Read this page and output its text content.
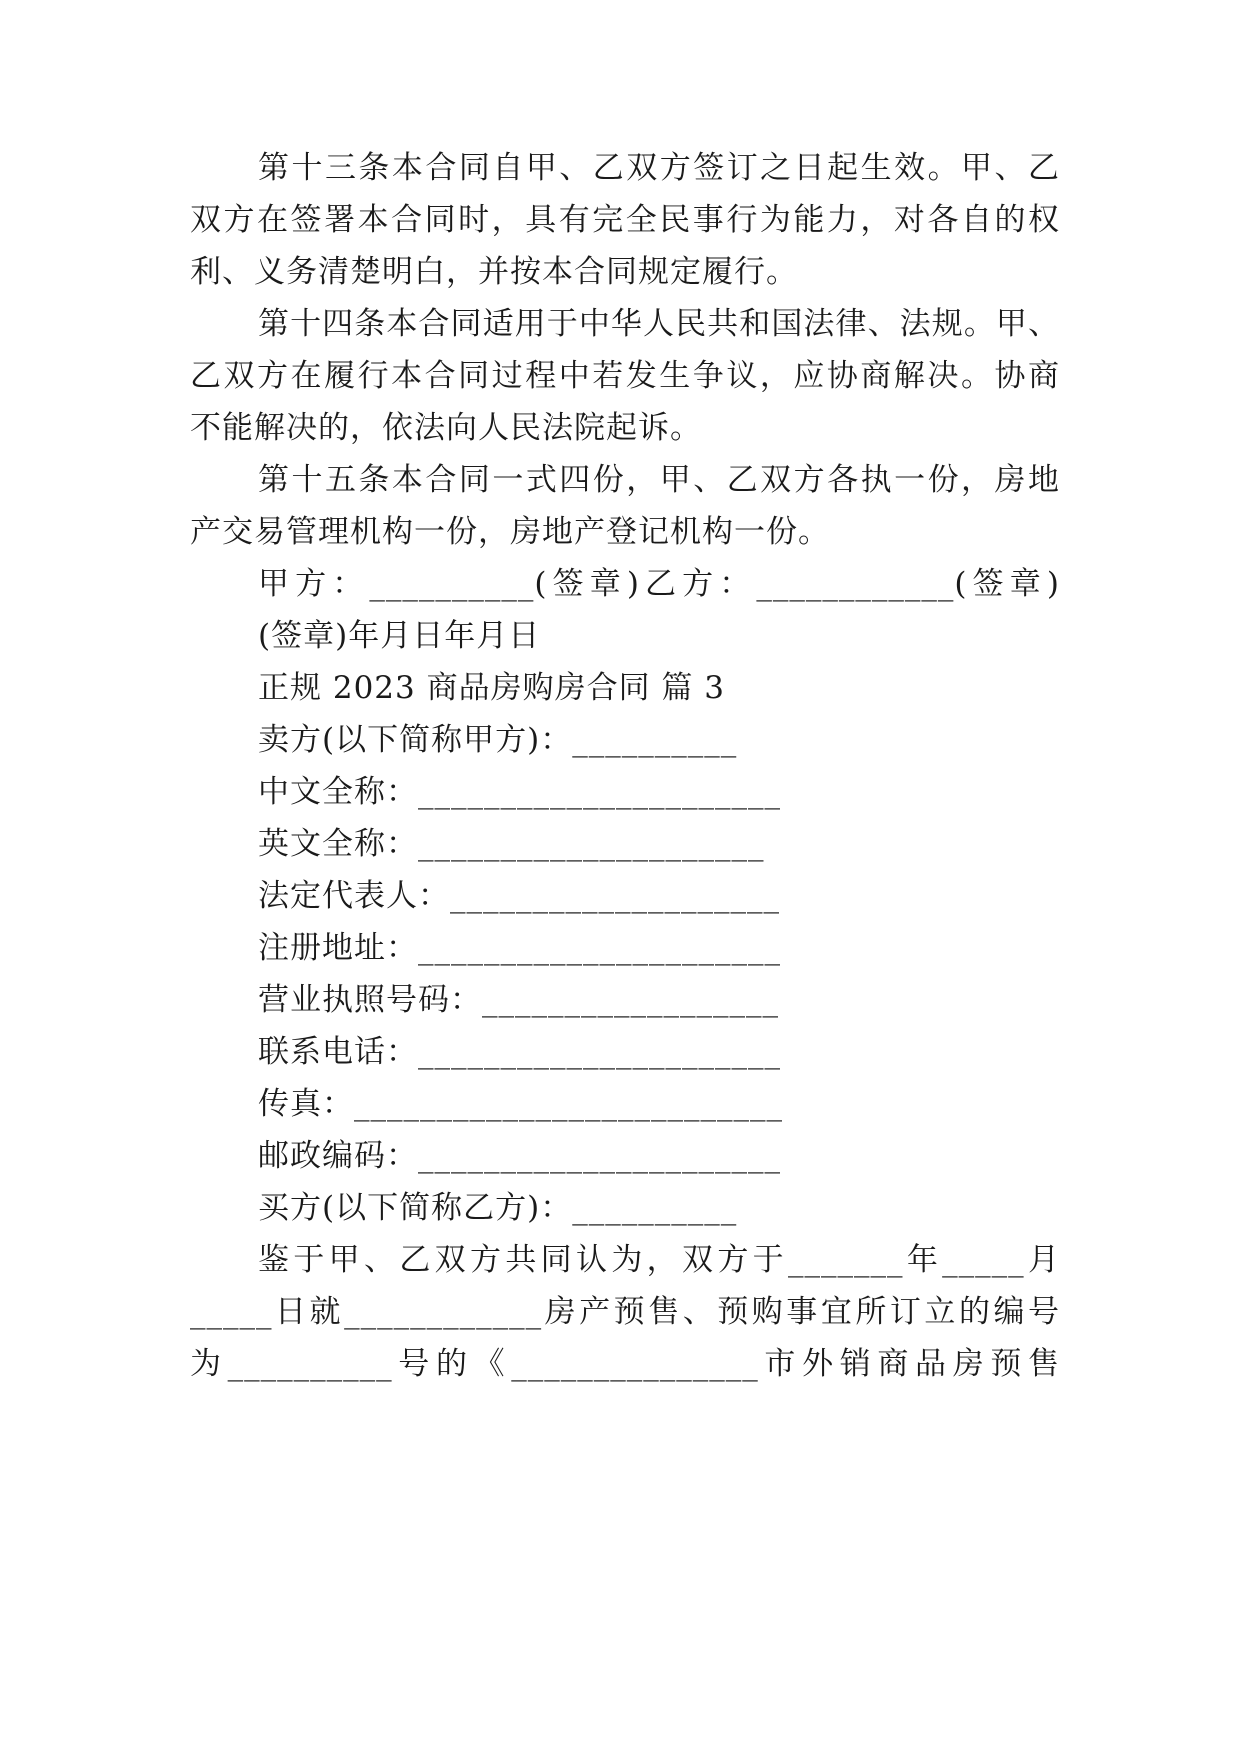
第十三条本合同自甲、乙双方签订之日起生效。甲、乙
双方在签署本合同时，具有完全民事行为能力，对各自的权
利、义务清楚明白，并按本合同规定履行。
第十四条本合同适用于中华人民共和国法律、法规。甲、
乙双方在履行本合同过程中若发生争议，应协商解决。协商
不能解决的，依法向人民法院起诉。
第十五条本合同一式四份，甲、乙双方各执一份，房地
产交易管理机构一份，房地产登记机构一份。
甲方：__________(签章)乙方：____________(签章)
(签章)年月日年月日
正规 2023 商品房购房合同 篇 3
卖方(以下简称甲方)：__________
中文全称：______________________
英文全称：_____________________
法定代表人：____________________
注册地址：______________________
营业执照号码：__________________
联系电话：______________________
传真：__________________________
邮政编码：______________________
买方(以下简称乙方)：__________
鉴于甲、乙双方共同认为，双方于_______年_____月
_____日就____________房产预售、预购事宜所订立的编号
为__________号的《_______________市外销商品房预售
